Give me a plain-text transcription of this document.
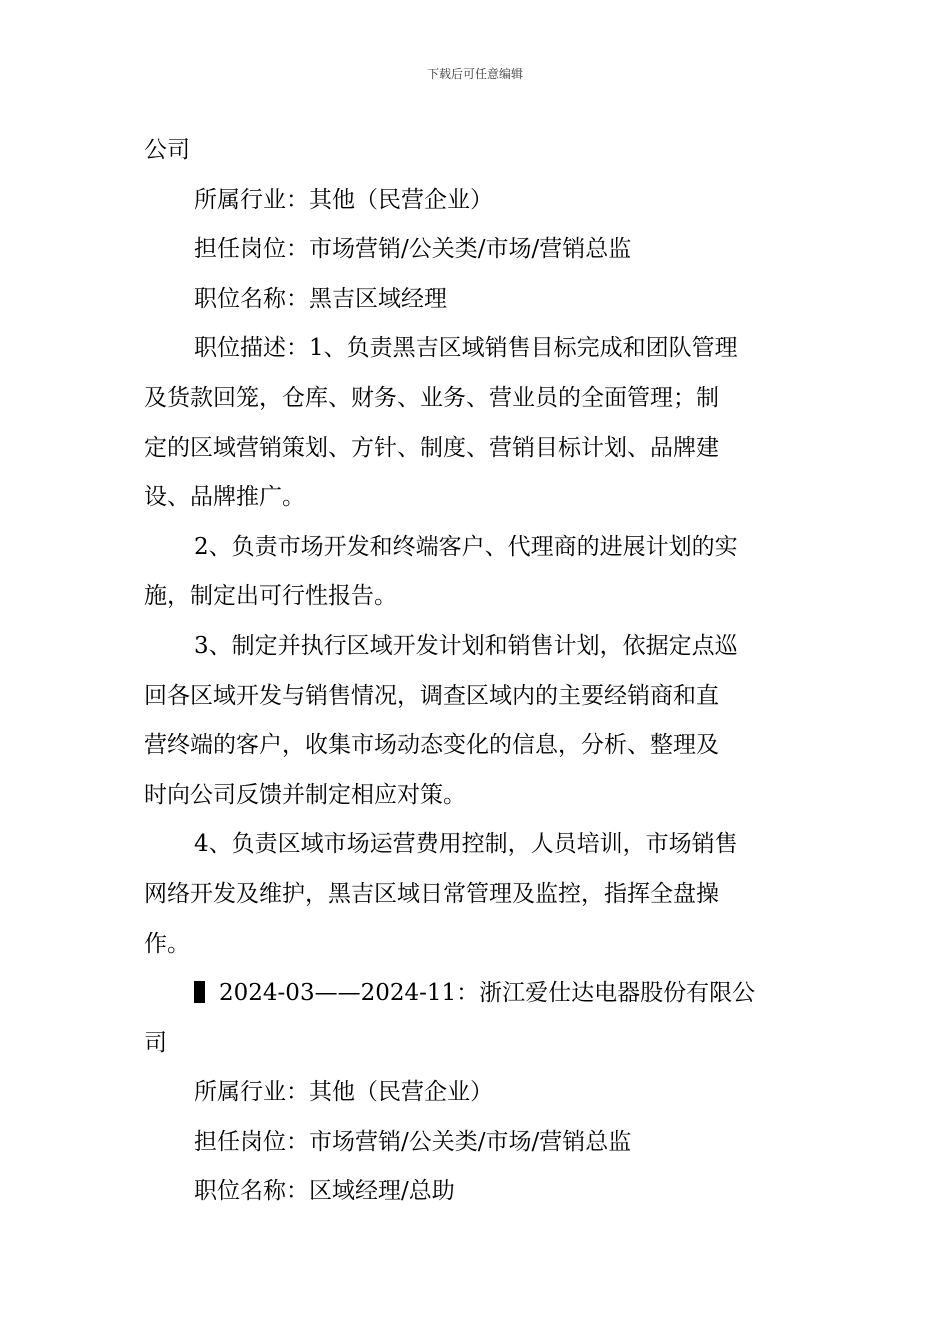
下载后可任意编辑
公司
所属行业：其他（民营企业）
担任岗位：市场营销/公关类/市场/营销总监
职位名称：黑吉区域经理
职位描述：1、负责黑吉区域销售目标完成和团队管理
及货款回笼，仓库、财务、业务、营业员的全面管理；制
定的区域营销策划、方针、制度、营销目标计划、品牌建
设、品牌推广。
2、负责市场开发和终端客户、代理商的进展计划的实
施，制定出可行性报告。
3、制定并执行区域开发计划和销售计划，依据定点巡
回各区域开发与销售情况，调查区域内的主要经销商和直
营终端的客户，收集市场动态变化的信息，分析、整理及
时向公司反馈并制定相应对策。
4、负责区域市场运营费用控制，人员培训，市场销售
网络开发及维护，黑吉区域日常管理及监控，指挥全盘操
作。
2024-03——2024-11：浙江爱仕达电器股份有限公
司
所属行业：其他（民营企业）
担任岗位：市场营销/公关类/市场/营销总监
职位名称：区域经理/总助
